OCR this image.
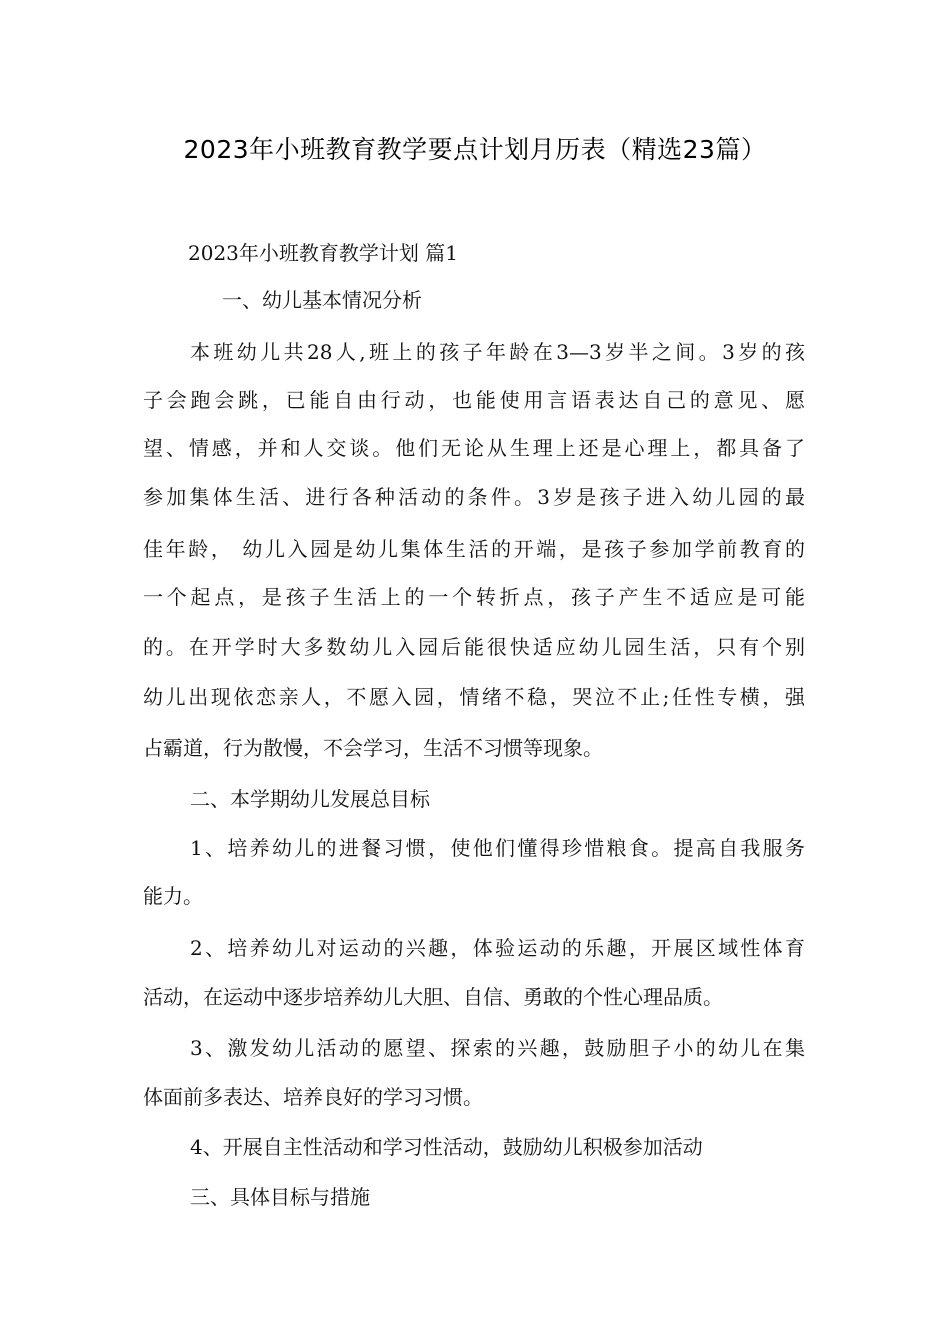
2023年小班教育教学要点计划月历表（精选23篇）
2023年小班教育教学计划 篇1
一、幼儿基本情况分析
本班幼儿共28人,班上的孩子年龄在3—3岁半之间。3岁的孩
子会跑会跳，已能自由行动，也能使用言语表达自己的意见、愿
望、情感，并和人交谈。他们无论从生理上还是心理上，都具备了
参加集体生活、进行各种活动的条件。3岁是孩子进入幼儿园的最
佳年龄， 幼儿入园是幼儿集体生活的开端，是孩子参加学前教育的
一个起点，是孩子生活上的一个转折点，孩子产生不适应是可能
的。在开学时大多数幼儿入园后能很快适应幼儿园生活，只有个别
幼儿出现依恋亲人，不愿入园，情绪不稳，哭泣不止;任性专横，强
占霸道，行为散慢，不会学习，生活不习惯等现象。
二、本学期幼儿发展总目标
1、培养幼儿的进餐习惯，使他们懂得珍惜粮食。提高自我服务
能力。
2、培养幼儿对运动的兴趣，体验运动的乐趣，开展区域性体育
活动，在运动中逐步培养幼儿大胆、自信、勇敢的个性心理品质。
3、激发幼儿活动的愿望、探索的兴趣，鼓励胆子小的幼儿在集
体面前多表达、培养良好的学习习惯。
4、开展自主性活动和学习性活动，鼓励幼儿积极参加活动
三、具体目标与措施
